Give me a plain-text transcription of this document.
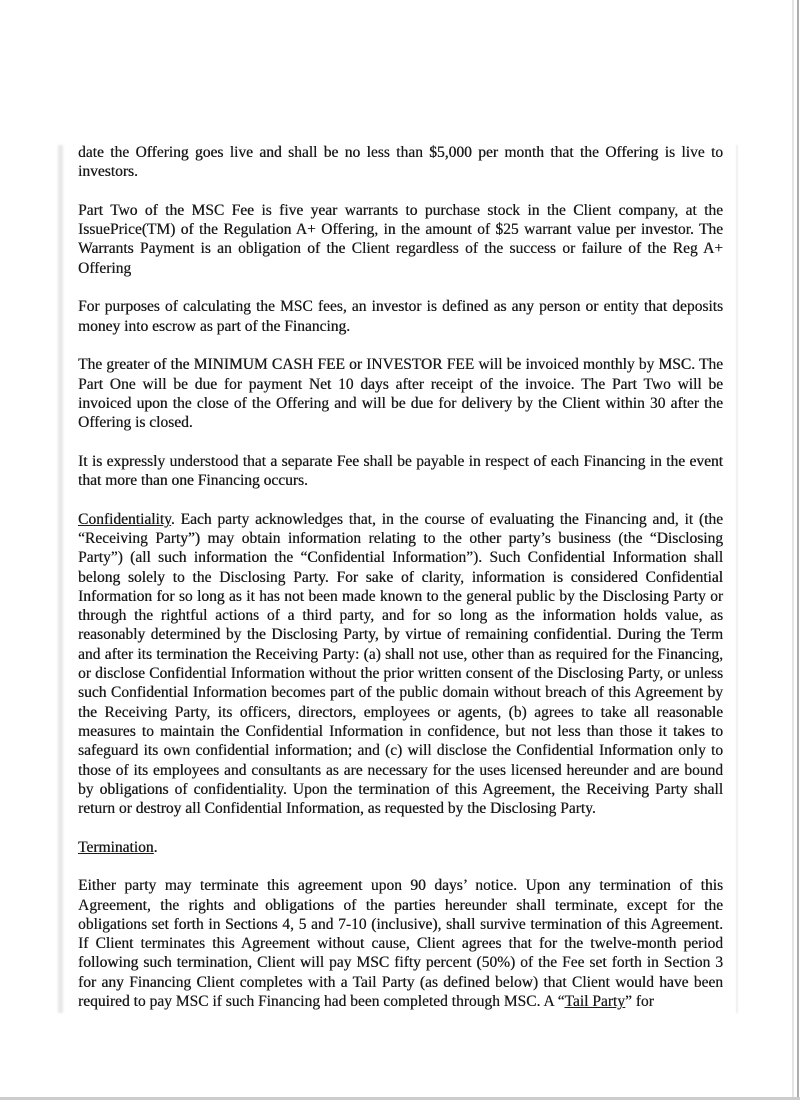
date the Offering goes live and shall be no less than $5,000 per month that the Offering is live to investors.

Part Two of the MSC Fee is five year warrants to purchase stock in the Client company, at the IssuePrice(TM) of the Regulation A+ Offering, in the amount of $25 warrant value per investor. The Warrants Payment is an obligation of the Client regardless of the success or failure of the Reg A+ Offering

For purposes of calculating the MSC fees, an investor is defined as any person or entity that deposits money into escrow as part of the Financing.

The greater of the MINIMUM CASH FEE or INVESTOR FEE will be invoiced monthly by MSC. The Part One will be due for payment Net 10 days after receipt of the invoice. The Part Two will be invoiced upon the close of the Offering and will be due for delivery by the Client within 30 after the Offering is closed.

It is expressly understood that a separate Fee shall be payable in respect of each Financing in the event that more than one Financing occurs.

Confidentiality. Each party acknowledges that, in the course of evaluating the Financing and, it (the “Receiving Party”) may obtain information relating to the other party’s business (the “Disclosing Party”) (all such information the “Confidential Information”). Such Confidential Information shall belong solely to the Disclosing Party. For sake of clarity, information is considered Confidential Information for so long as it has not been made known to the general public by the Disclosing Party or through the rightful actions of a third party, and for so long as the information holds value, as reasonably determined by the Disclosing Party, by virtue of remaining confidential. During the Term and after its termination the Receiving Party: (a) shall not use, other than as required for the Financing, or disclose Confidential Information without the prior written consent of the Disclosing Party, or unless such Confidential Information becomes part of the public domain without breach of this Agreement by the Receiving Party, its officers, directors, employees or agents, (b) agrees to take all reasonable measures to maintain the Confidential Information in confidence, but not less than those it takes to safeguard its own confidential information; and (c) will disclose the Confidential Information only to those of its employees and consultants as are necessary for the uses licensed hereunder and are bound by obligations of confidentiality. Upon the termination of this Agreement, the Receiving Party shall return or destroy all Confidential Information, as requested by the Disclosing Party.

Termination.

Either party may terminate this agreement upon 90 days’ notice. Upon any termination of this Agreement, the rights and obligations of the parties hereunder shall terminate, except for the obligations set forth in Sections 4, 5 and 7-10 (inclusive), shall survive termination of this Agreement. If Client terminates this Agreement without cause, Client agrees that for the twelve-month period following such termination, Client will pay MSC fifty percent (50%) of the Fee set forth in Section 3 for any Financing Client completes with a Tail Party (as defined below) that Client would have been required to pay MSC if such Financing had been completed through MSC. A “Tail Party” for
